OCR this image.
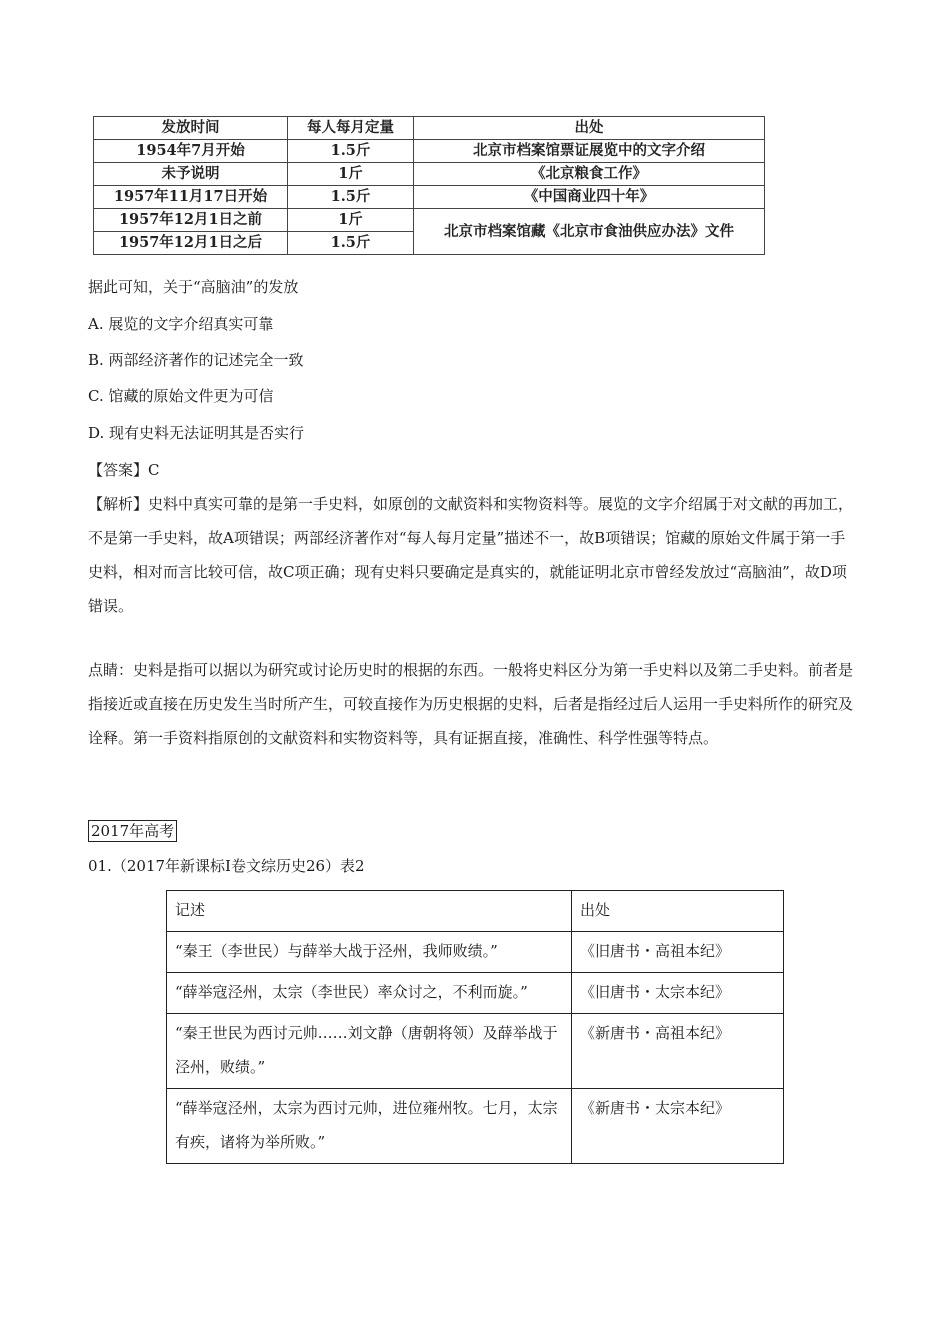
发放时间	每人每月定量	出处
1954年7月开始	1.5斤	北京市档案馆票证展览中的文字介绍
未予说明	1斤	《北京粮食工作》
1957年11月17日开始	1.5斤	《中国商业四十年》
1957年12月1日之前	1斤	北京市档案馆藏《北京市食油供应办法》文件
1957年12月1日之后	1.5斤	
据此可知，关于“高脑油”的发放
A. 展览的文字介绍真实可靠
B. 两部经济著作的记述完全一致
C. 馆藏的原始文件更为可信
D. 现有史料无法证明其是否实行
【答案】C
【解析】史料中真实可靠的是第一手史料，如原创的文献资料和实物资料等。展览的文字介绍属于对文献的再加工，不是第一手史料，故A项错误；两部经济著作对“每人每月定量”描述不一，故B项错误；馆藏的原始文件属于第一手史料，相对而言比较可信，故C项正确；现有史料只要确定是真实的，就能证明北京市曾经发放过“高脑油”，故D项错误。
点睛：史料是指可以据以为研究或讨论历史时的根据的东西。一般将史料区分为第一手史料以及第二手史料。前者是指接近或直接在历史发生当时所产生，可较直接作为历史根据的史料，后者是指经过后人运用一手史料所作的研究及诠释。第一手资料指原创的文献资料和实物资料等，具有证据直接，准确性、科学性强等特点。
2017年高考
01.（2017年新课标Ⅰ卷文综历史26）表2
记述	出处
“秦王（李世民）与薛举大战于泾州，我师败绩。”	《旧唐书・高祖本纪》
“薛举寇泾州，太宗（李世民）率众讨之，不利而旋。”	《旧唐书・太宗本纪》
“秦王世民为西讨元帅……刘文静（唐朝将领）及薛举战于泾州，败绩。”	《新唐书・高祖本纪》
“薛举寇泾州，太宗为西讨元帅，进位雍州牧。七月，太宗有疾，诸将为举所败。”	《新唐书・太宗本纪》
